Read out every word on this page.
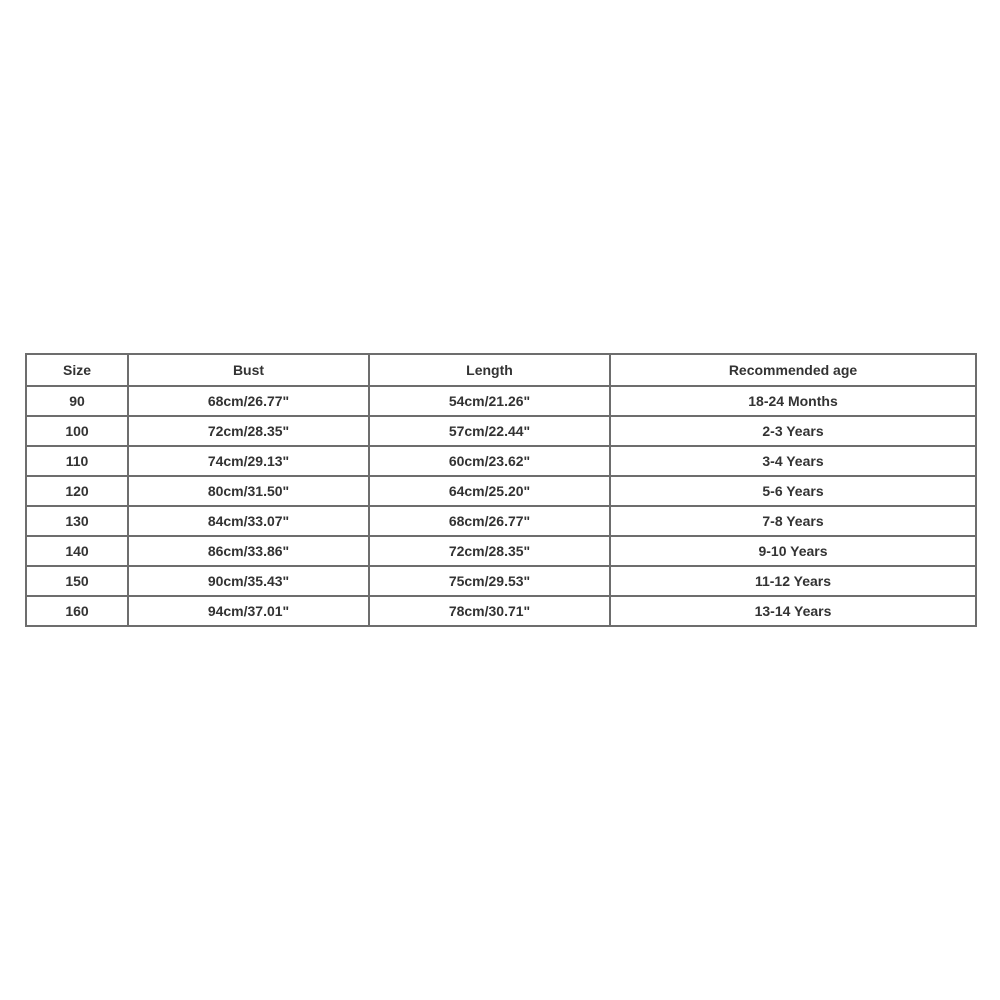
Size	Bust	Length	Recommended age
90	68cm/26.77"	54cm/21.26"	18-24 Months
100	72cm/28.35"	57cm/22.44"	2-3 Years
110	74cm/29.13"	60cm/23.62"	3-4 Years
120	80cm/31.50"	64cm/25.20"	5-6 Years
130	84cm/33.07"	68cm/26.77"	7-8 Years
140	86cm/33.86"	72cm/28.35"	9-10 Years
150	90cm/35.43"	75cm/29.53"	11-12 Years
160	94cm/37.01"	78cm/30.71"	13-14 Years
